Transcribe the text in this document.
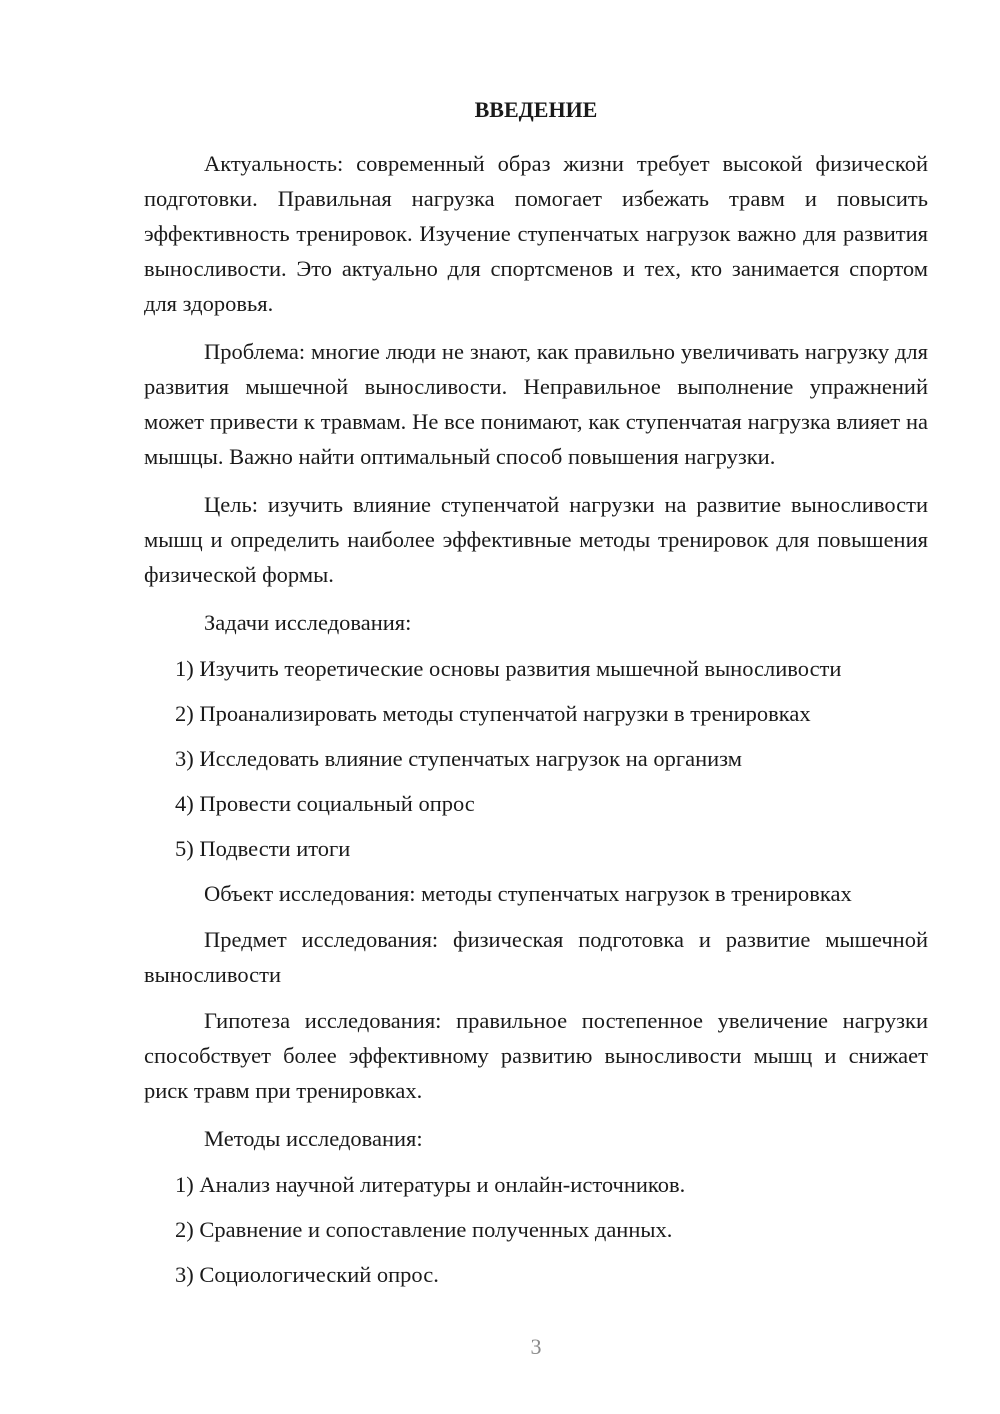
ВВЕДЕНИЕ

Актуальность: современный образ жизни требует высокой физической подготовки. Правильная нагрузка помогает избежать травм и повысить эффективность тренировок. Изучение ступенчатых нагрузок важно для развития выносливости. Это актуально для спортсменов и тех, кто занимается спортом для здоровья.

Проблема: многие люди не знают, как правильно увеличивать нагрузку для развития мышечной выносливости. Неправильное выполнение упражнений может привести к травмам. Не все понимают, как ступенчатая нагрузка влияет на мышцы. Важно найти оптимальный способ повышения нагрузки.

Цель: изучить влияние ступенчатой нагрузки на развитие выносливости мышц и определить наиболее эффективные методы тренировок для повышения физической формы.

Задачи исследования:

1) Изучить теоретические основы развития мышечной выносливости

2) Проанализировать методы ступенчатой нагрузки в тренировках

3) Исследовать влияние ступенчатых нагрузок на организм

4) Провести социальный опрос

5) Подвести итоги

Объект исследования: методы ступенчатых нагрузок в тренировках

Предмет исследования: физическая подготовка и развитие мышечной выносливости

Гипотеза исследования: правильное постепенное увеличение нагрузки способствует более эффективному развитию выносливости мышц и снижает риск травм при тренировках.

Методы исследования:

1) Анализ научной литературы и онлайн-источников.

2) Сравнение и сопоставление полученных данных.

3) Социологический опрос.

3
